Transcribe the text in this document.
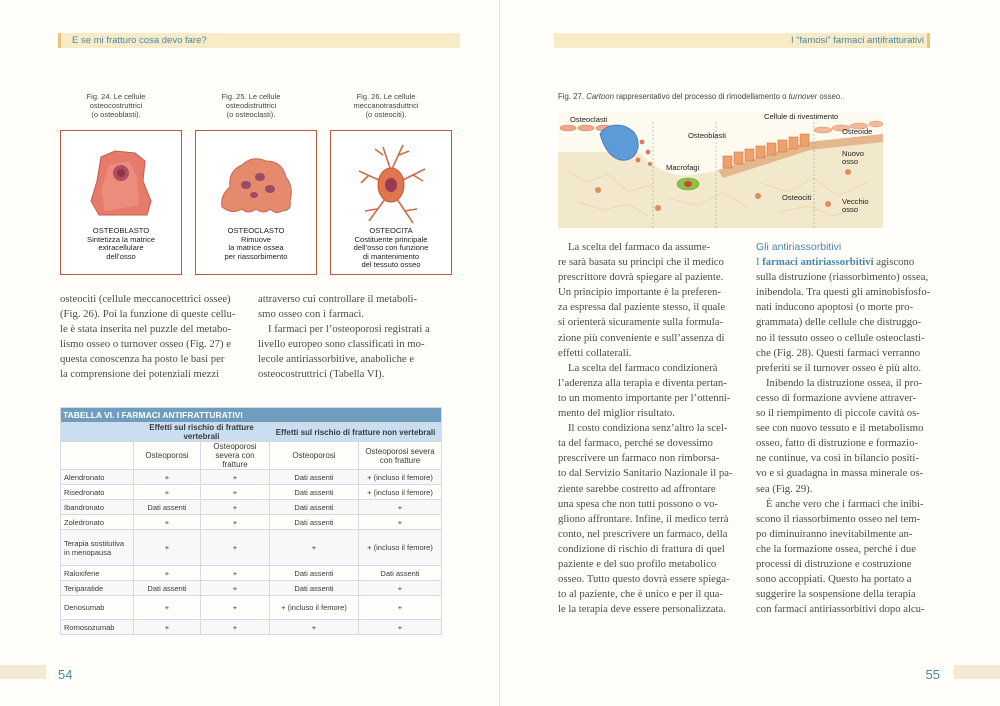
E se mi fratturo cosa devo fare?
Fig. 24. Le cellule
osteocostruttrici
(o osteoblasti).
Fig. 25. Le cellule
osteodistruttrici
(o osteoclasti).
Fig. 26. Le cellule
meccanotrasduttrici
(o osteociti).
OSTEOBLASTO
Sintetizza la matrice
extracellulare
dell’osso
OSTEOCLASTO
Rimuove
la matrice ossea
per riassorbimento
OSTEOCITA
Costituente principale
dell’osso con funzione
di mantenimento
del tessuto osseo

osteociti (cellule meccanocettrici ossee)

(Fig. 26). Poi la funzione di queste cellu-

le è stata inserita nel puzzle del metabo-

lismo osseo o turnover osseo (Fig. 27) e

questa conoscenza ha posto le basi per

la comprensione dei potenziali mezzi

attraverso cui controllare il metaboli-

smo osseo con i farmaci.

I farmaci per l’osteoporosi registrati a

livello europeo sono classificati in mo-

lecole antiriassorbitive, anaboliche e

osteocostruttrici (Tabella VI).

TABELLA VI. I FARMACI ANTIFRATTURATIVI				
	Effetti sul rischio di fratture vertebrali		Effetti sul rischio di fratture non vertebrali	
	Osteoporosi	Osteoporosi severa con fratture	Osteoporosi	Osteoporosi severa con fratture
Alendronato	+	+	Dati assenti	+ (incluso il femore)
Risedronato	+	+	Dati assenti	+ (incluso il femore)
Ibandronato	Dati assenti	+	Dati assenti	+
Zoledronato	+	+	Dati assenti	+
Terapia sostitutiva in menopausa	+	+	+	+ (incluso il femore)
Raloxifene	+	+	Dati assenti	Dati assenti
Teriparatide	Dati assenti	+	Dati assenti	+
Denosumab	+	+	+ (incluso il femore)	+
Romosozumab	+	+	+	+
54
I “famosi” farmaci antifratturativi
Fig. 27. Cartoon rappresentativo del processo di rimodellamento o turnover osseo.
Osteoclasti
Osteoblasti
Cellule di rivestimento
Osteoide
Nuovo
osso
Macrofagi
Osteociti	Vecchio
osso

La scelta del farmaco da assume-

re sarà basata su principi che il medico

prescrittore dovrà spiegare al paziente.

Un principio importante è la preferen-

za espressa dal paziente stesso, il quale

si orienterà sicuramente sulla formula-

zione più conveniente e sull’assenza di

effetti collaterali.

La scelta del farmaco condizionerà

l’aderenza alla terapia e diventa pertan-

to un momento importante per l’ottenni-

mento del miglior risultato.

Il costo condiziona senz’altro la scel-

ta del farmaco, perché se dovessimo

prescrivere un farmaco non rimborsa-

to dal Servizio Sanitario Nazionale il pa-

ziente sarebbe costretto ad affrontare

una spesa che non tutti possono o vo-

gliono affrontare. Infine, il medico terrà

conto, nel prescrivere un farmaco, della

condizione di rischio di frattura di quel

paziente e del suo profilo metabolico

osseo. Tutto questo dovrà essere spiega-

to al paziente, che è unico e per il qua-

le la terapia deve essere personalizzata.

Gli antiriassorbitivi

I farmaci antiriassorbitivi agiscono

sulla distruzione (riassorbimento) ossea,

inibendola. Tra questi gli aminobisfosfo-

nati inducono apoptosi (o morte pro-

grammata) delle cellule che distruggo-

no il tessuto osseo o cellule osteoclasti-

che (Fig. 28). Questi farmaci verranno

preferiti se il turnover osseo è più alto.

Inibendo la distruzione ossea, il pro-

cesso di formazione avviene attraver-

so il riempimento di piccole cavità os-

see con nuovo tessuto e il metabolismo

osseo, fatto di distruzione e formazio-

ne continue, va così in bilancio positi-

vo e si guadagna in massa minerale os-

sea (Fig. 29).

È anche vero che i farmaci che inibi-

scono il riassorbimento osseo nel tem-

po diminuiranno inevitabilmente an-

che la formazione ossea, perché i due

processi di distruzione e costruzione

sono accoppiati. Questo ha portato a

suggerire la sospensione della terapia

con farmaci antiriassorbitivi dopo alcu-

55
